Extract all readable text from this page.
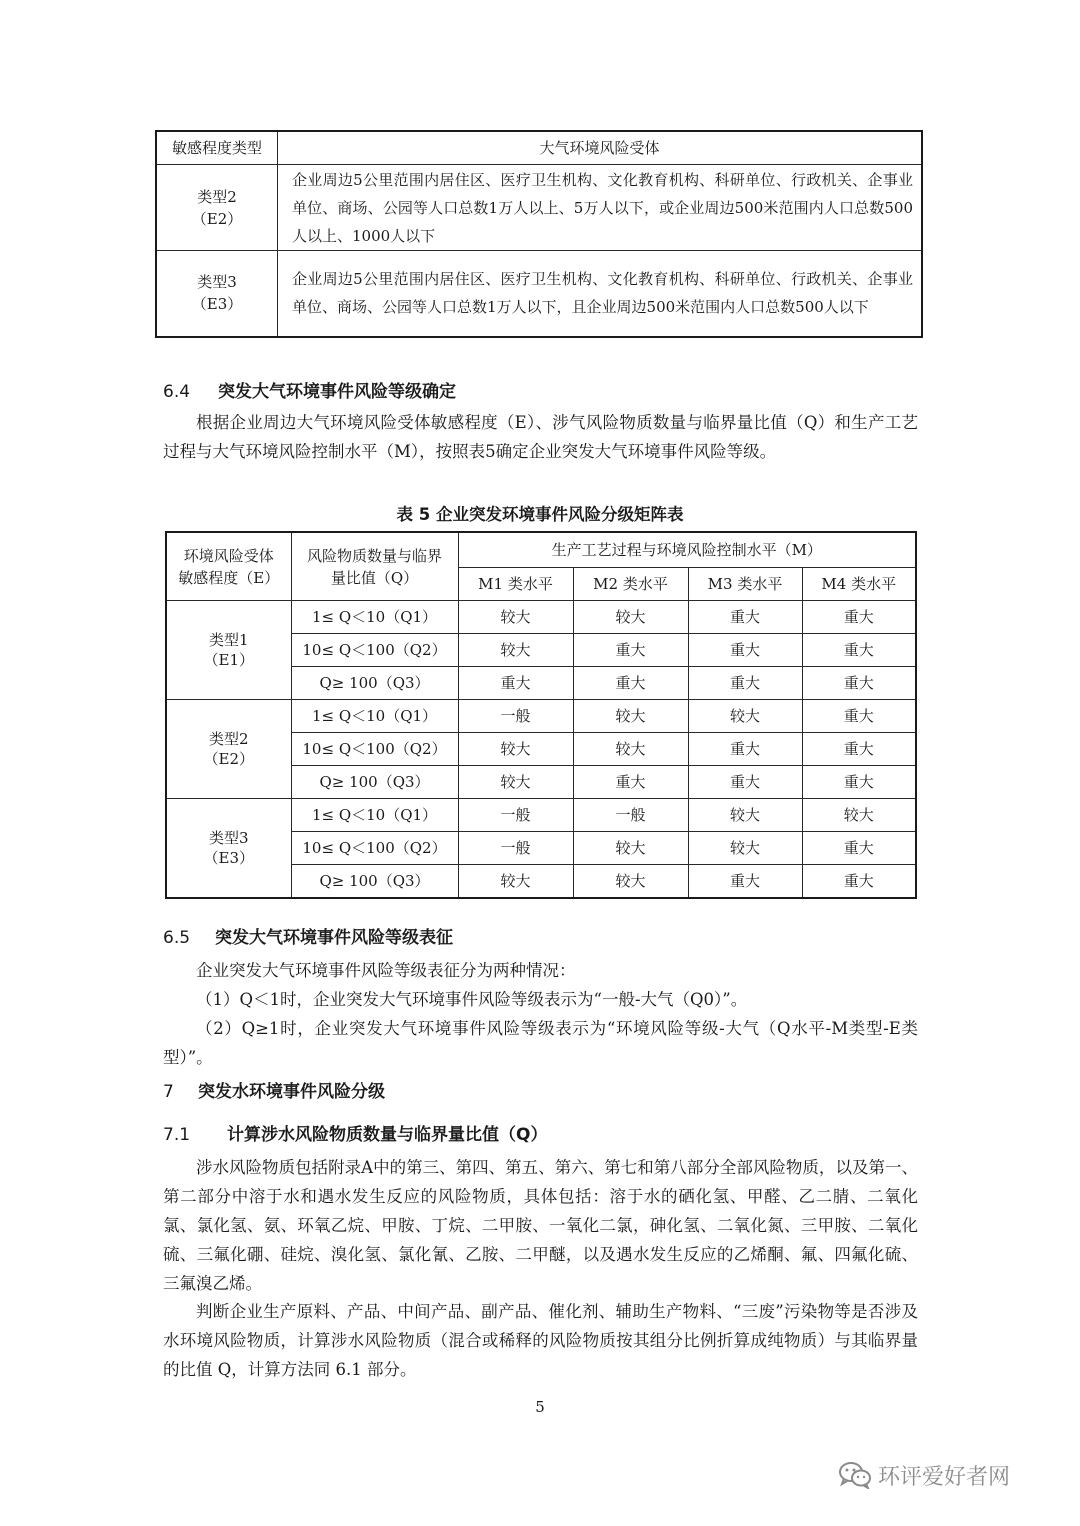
敏感程度类型	大气环境风险受体

类型2
（E2）	企业周边5公里范围内居住区、医疗卫生机构、文化教育机构、科研单位、行政机关、企事业单位、商场、公园等人口总数1万人以上、5万人以下，或企业周边500米范围内人口总数500人以上、1000人以下

类型3
（E3）	企业周边5公里范围内居住区、医疗卫生机构、文化教育机构、科研单位、行政机关、企事业单位、商场、公园等人口总数1万人以下，且企业周边500米范围内人口总数500人以下
6.4 突发大气环境事件风险等级确定
根据企业周边大气环境风险受体敏感程度（E）、涉气风险物质数量与临界量比值（Q）和生产工艺过程与大气环境风险控制水平（M），按照表5确定企业突发大气环境事件风险等级。
表 5 企业突发环境事件风险分级矩阵表
环境风险受体敏感程度（E）	风险物质数量与临界量比值（Q）	生产工艺过程与环境风险控制水平（M）			
		M1 类水平	M2 类水平	M3 类水平	M4 类水平

类型1
（E1）	1≤ Q＜10（Q1）	较大	较大	重大	重大
	10≤ Q＜100（Q2）	较大	重大	重大	重大
	Q≥ 100（Q3）	重大	重大	重大	重大

类型2
（E2）	1≤ Q＜10（Q1）	一般	较大	较大	重大
	10≤ Q＜100（Q2）	较大	较大	重大	重大
	Q≥ 100（Q3）	较大	重大	重大	重大

类型3
（E3）	1≤ Q＜10（Q1）	一般	一般	较大	较大
	10≤ Q＜100（Q2）	一般	较大	较大	重大
	Q≥ 100（Q3）	较大	较大	重大	重大
6.5 突发大气环境事件风险等级表征
企业突发大气环境事件风险等级表征分为两种情况：
（1）Q＜1时，企业突发大气环境事件风险等级表示为“一般-大气（Q0）”。
（2）Q≥1时，企业突发大气环境事件风险等级表示为“环境风险等级-大气（Q水平-M类型-E类型）”。
7 突发水环境事件风险分级
7.1 计算涉水风险物质数量与临界量比值（Q）
涉水风险物质包括附录A中的第三、第四、第五、第六、第七和第八部分全部风险物质，以及第一、第二部分中溶于水和遇水发生反应的风险物质，具体包括：溶于水的硒化氢、甲醛、乙二腈、二氧化氯、氯化氢、氨、环氧乙烷、甲胺、丁烷、二甲胺、一氧化二氯，砷化氢、二氧化氮、三甲胺、二氧化硫、三氟化硼、硅烷、溴化氢、氯化氰、乙胺、二甲醚，以及遇水发生反应的乙烯酮、氟、四氟化硫、三氟溴乙烯。
判断企业生产原料、产品、中间产品、副产品、催化剂、辅助生产物料、“三废”污染物等是否涉及水环境风险物质，计算涉水风险物质（混合或稀释的风险物质按其组分比例折算成纯物质）与其临界量的比值 Q，计算方法同 6.1 部分。
5
环评爱好者网
